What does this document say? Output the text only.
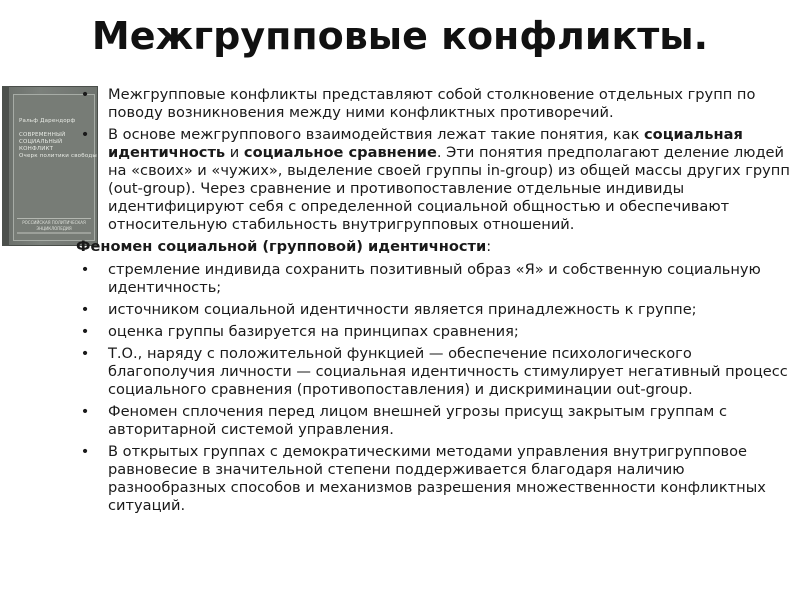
Межгрупповые конфликты.
Ральф Дарендорф
СОВРЕМЕННЫЙ
СОЦИАЛЬНЫЙ
КОНФЛИКТ
Очерк политики свободы
РОССИЙСКАЯ ПОЛИТИЧЕСКАЯ ЭНЦИКЛОПЕДИЯ
• Межгрупповые конфликты представляют собой столкновение отдельных групп по поводу возникновения между ними конфликтных противоречий.
• В основе межгруппового взаимодействия лежат такие понятия, как социальная идентичность и социальное сравнение. Эти понятия предполагают деление людей на «своих» и «чужих», выделение своей группы in-group) из общей массы других групп (out-group). Через сравнение и противопоставление отдельные индивиды идентифицируют себя с определенной социальной общностью и обеспечивают относительную стабильность внутригрупповых отношений.
Феномен социальной (групповой) идентичности:
• стремление индивида сохранить позитивный образ «Я» и собственную социальную идентичность;
• источником социальной идентичности является принадлежность к группе;
• оценка группы базируется на принципах сравнения;
• Т.О., наряду с положительной функцией — обеспечение психологического благополучия личности — социальная идентичность стимулирует негативный процесс социального сравнения (противопоставления) и дискриминации out-group.
• Феномен сплочения перед лицом внешней угрозы присущ закрытым группам с авторитарной системой управления.
• В открытых группах с демократическими методами управления внутригрупповое равновесие в значительной степени поддерживается благодаря наличию разнообразных способов и механизмов разрешения множественности конфликтных ситуаций.
